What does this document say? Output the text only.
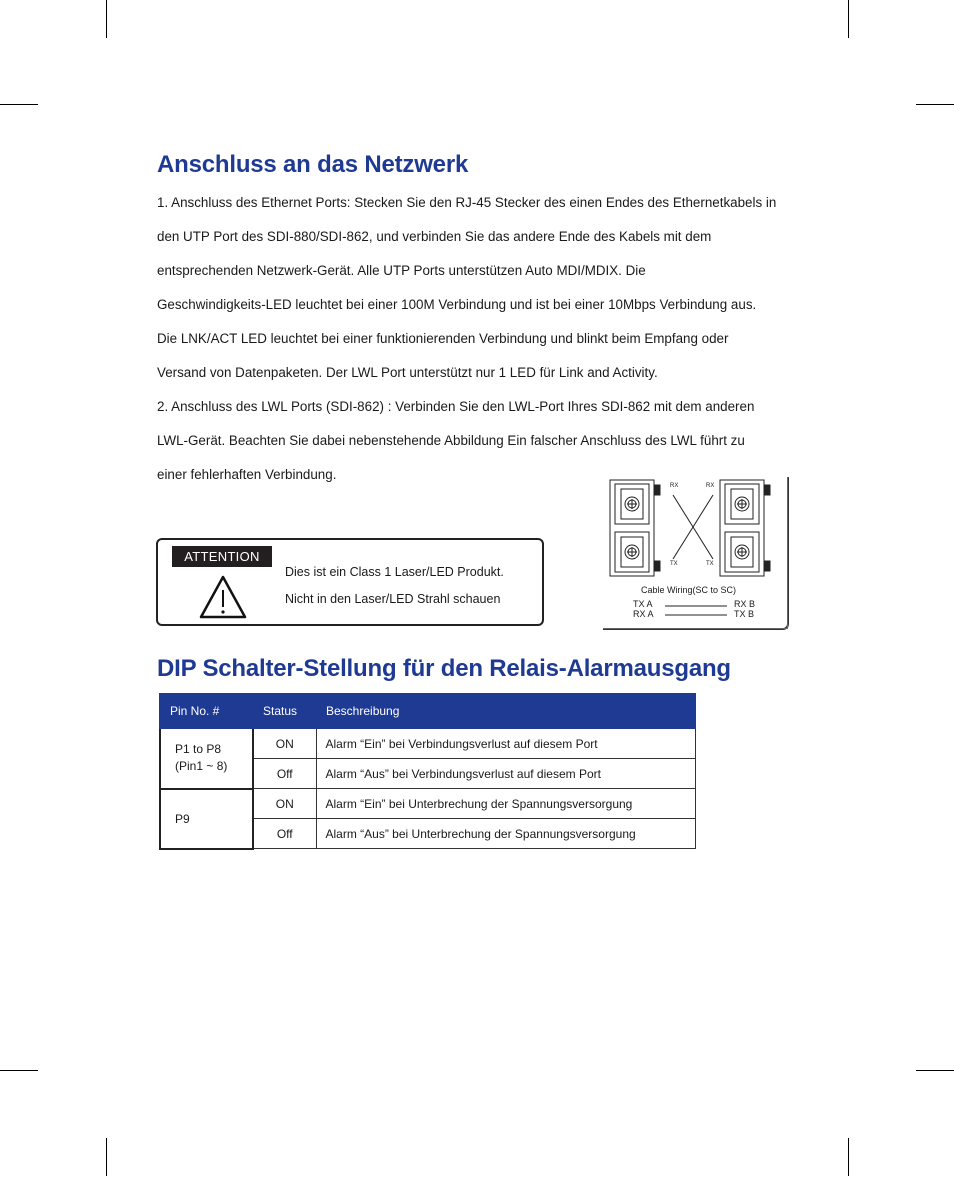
Anschluss an das Netzwerk

1. Anschluss des Ethernet Ports: Stecken Sie den RJ-45 Stecker des einen Endes des Ethernetkabels in

den UTP Port des SDI-880/SDI-862, und verbinden Sie das andere Ende des Kabels mit dem

entsprechenden Netzwerk-Gerät. Alle UTP Ports unterstützen Auto MDI/MDIX. Die

Geschwindigkeits-LED leuchtet bei einer 100M Verbindung und ist bei einer 10Mbps Verbindung aus.

Die LNK/ACT LED leuchtet bei einer funktionierenden Verbindung und blinkt beim Empfang oder

Versand von Datenpaketen. Der LWL Port unterstützt nur 1 LED für Link and Activity.

2. Anschluss des LWL Ports (SDI-862) : Verbinden Sie den LWL-Port Ihres SDI-862 mit dem anderen

LWL-Gerät. Beachten Sie dabei nebenstehende Abbildung Ein falscher Anschluss des LWL führt zu

einer fehlerhaften Verbindung.

ATTENTION
Dies ist ein Class 1 Laser/LED Produkt.
Nicht in den Laser/LED Strahl schauen
RX	RX
TX	TX
Cable Wiring(SC to SC)
TX A	RX B
RX A	TX B
DIP Schalter-Stellung für den Relais-Alarmausgang
Pin No. #	Status	Beschreibung

P1 to P8
(Pin1 ~ 8)	ON	Alarm “Ein” bei Verbindungsverlust auf diesem Port
	Off	Alarm “Aus” bei Verbindungsverlust auf diesem Port
P9	ON	Alarm “Ein” bei Unterbrechung der Spannungsversorgung
	Off	Alarm “Aus” bei Unterbrechung der Spannungsversorgung
